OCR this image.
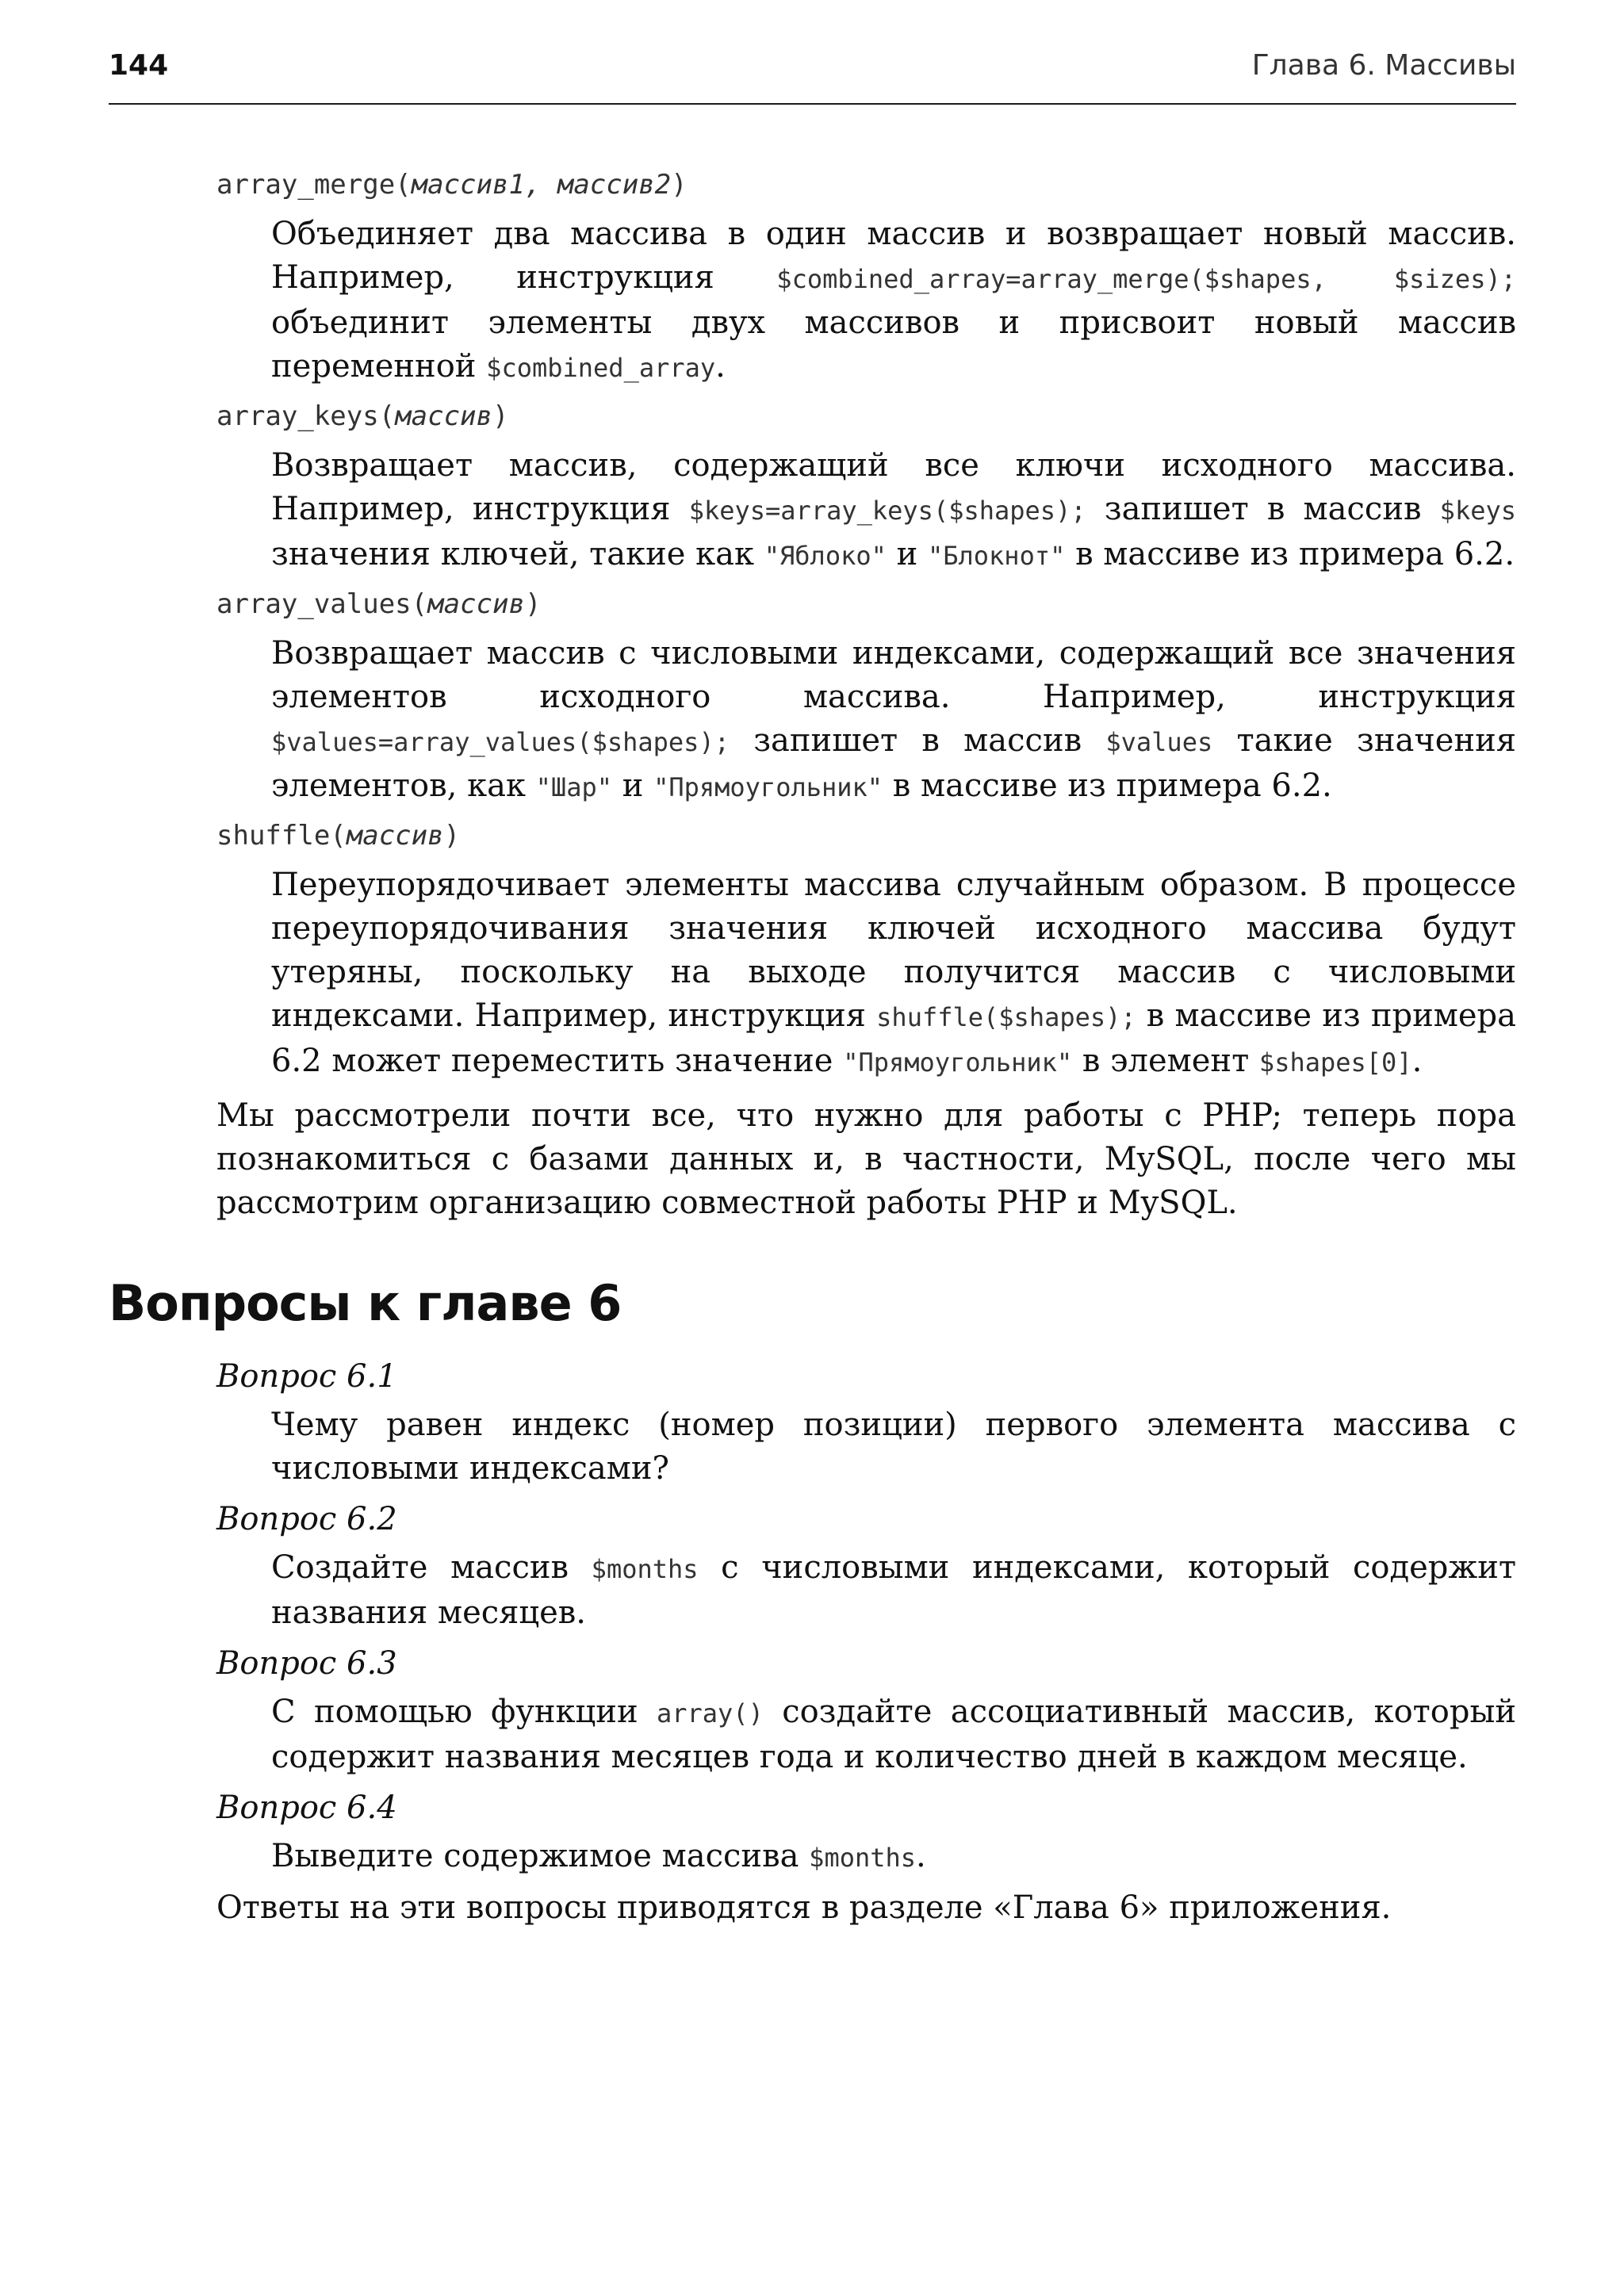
144	Глава 6. Массивы
array_merge(массив1, массив2)
Объединяет два массива в один массив и возвращает новый массив. Например, инструкция $combined_array=array_merge($shapes, $sizes); объединит элементы двух массивов и присвоит новый массив переменной $combined_array.
array_keys(массив)
Возвращает массив, содержащий все ключи исходного массива. Например, инструкция $keys=array_keys($shapes); запишет в массив $keys значения ключей, такие как "Яблоко" и "Блокнот" в массиве из примера 6.2.
array_values(массив)
Возвращает массив с числовыми индексами, содержащий все значения элементов исходного массива. Например, инструкция $values=array_values($shapes); запишет в массив $values такие значения элементов, как "Шар" и "Прямоугольник" в массиве из примера 6.2.
shuffle(массив)
Переупорядочивает элементы массива случайным образом. В процессе переупорядочивания значения ключей исходного массива будут утеряны, поскольку на выходе получится массив с числовыми индексами. Например, инструкция shuffle($shapes); в массиве из примера 6.2 может переместить значение "Прямоугольник" в элемент $shapes[0].
Мы рассмотрели почти все, что нужно для работы с PHP; теперь пора познакомиться с базами данных и, в частности, MySQL, после чего мы рассмотрим организацию совместной работы PHP и MySQL.
Вопросы к главе 6
Вопрос 6.1
Чему равен индекс (номер позиции) первого элемента массива с числовыми индексами?
Вопрос 6.2
Создайте массив $months с числовыми индексами, который содержит названия месяцев.
Вопрос 6.3
С помощью функции array() создайте ассоциативный массив, который содержит названия месяцев года и количество дней в каждом месяце.
Вопрос 6.4
Выведите содержимое массива $months.
Ответы на эти вопросы приводятся в разделе «Глава 6» приложения.
